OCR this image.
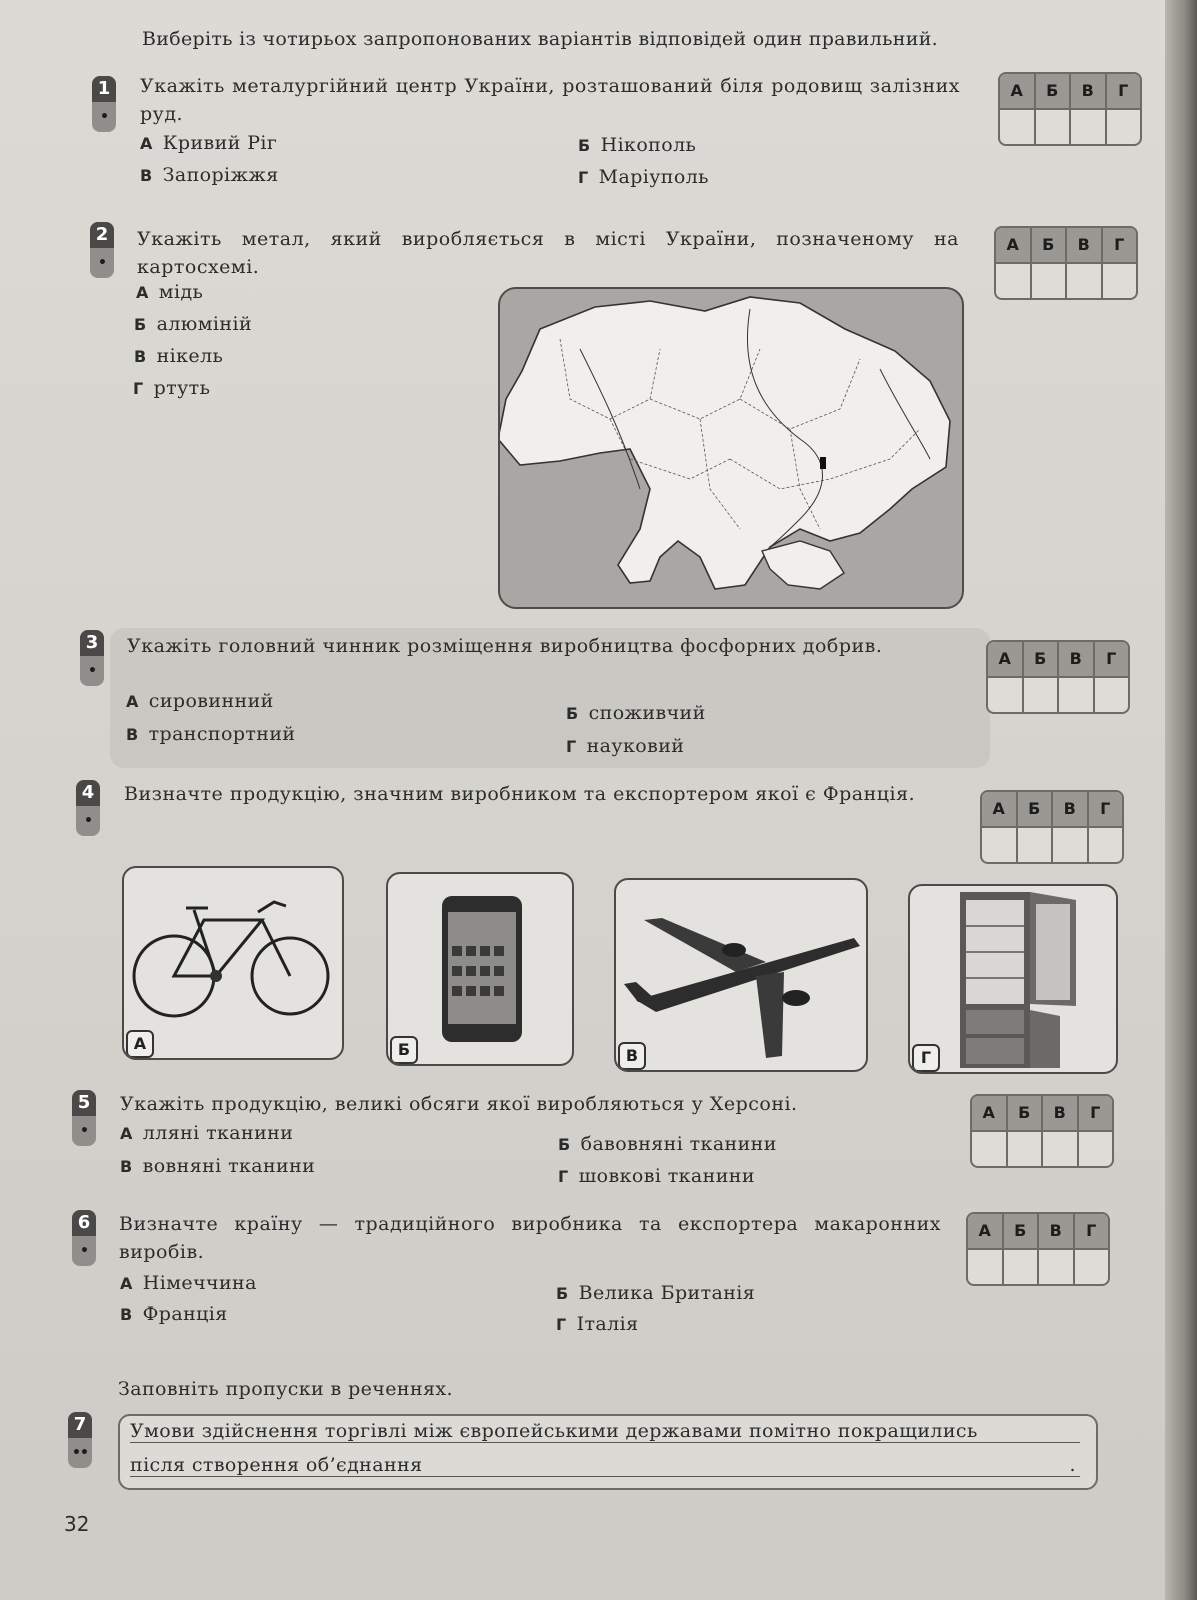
Виберіть із чотирьох запропонованих варіантів відповідей один правильний.
1
•
Укажіть металургійний центр України, розташований біля родовищ залізних руд.
А Кривий Ріг	Б Нікополь
В Запоріжжя	Г Маріуполь
А	Б	В	Г
2
•
Укажіть метал, який виробляється в місті України, позначеному на картосхемі.
А мідь
Б алюміній
В нікель
Г ртуть
А	Б	В	Г
3
•
Укажіть головний чинник розміщення виробництва фосфорних добрив.
А сировинний
Б споживчий
В транспортний
Г науковий
А	Б	В	Г
4
•
Визначте продукцію, значним виробником та експортером якої є Франція.
А	Б	В	Г
А	Б	В	Г
5
•
Укажіть продукцію, великі обсяги якої виробляються у Херсоні.
А лляні тканини
Б бавовняні тканини
В вовняні тканини	Г шовкові тканини
А	Б	В	Г
6
•
Визначте країну — традиційного виробника та експортера макаронних виробів.
А Німеччина	Б Велика Британія
В Франція	Г Італія
А	Б	В	Г
Заповніть пропуски в реченнях.
7
••
Умови здійснення торгівлі між європейськими державами помітно покращились
після створення об’єднання	.
32
